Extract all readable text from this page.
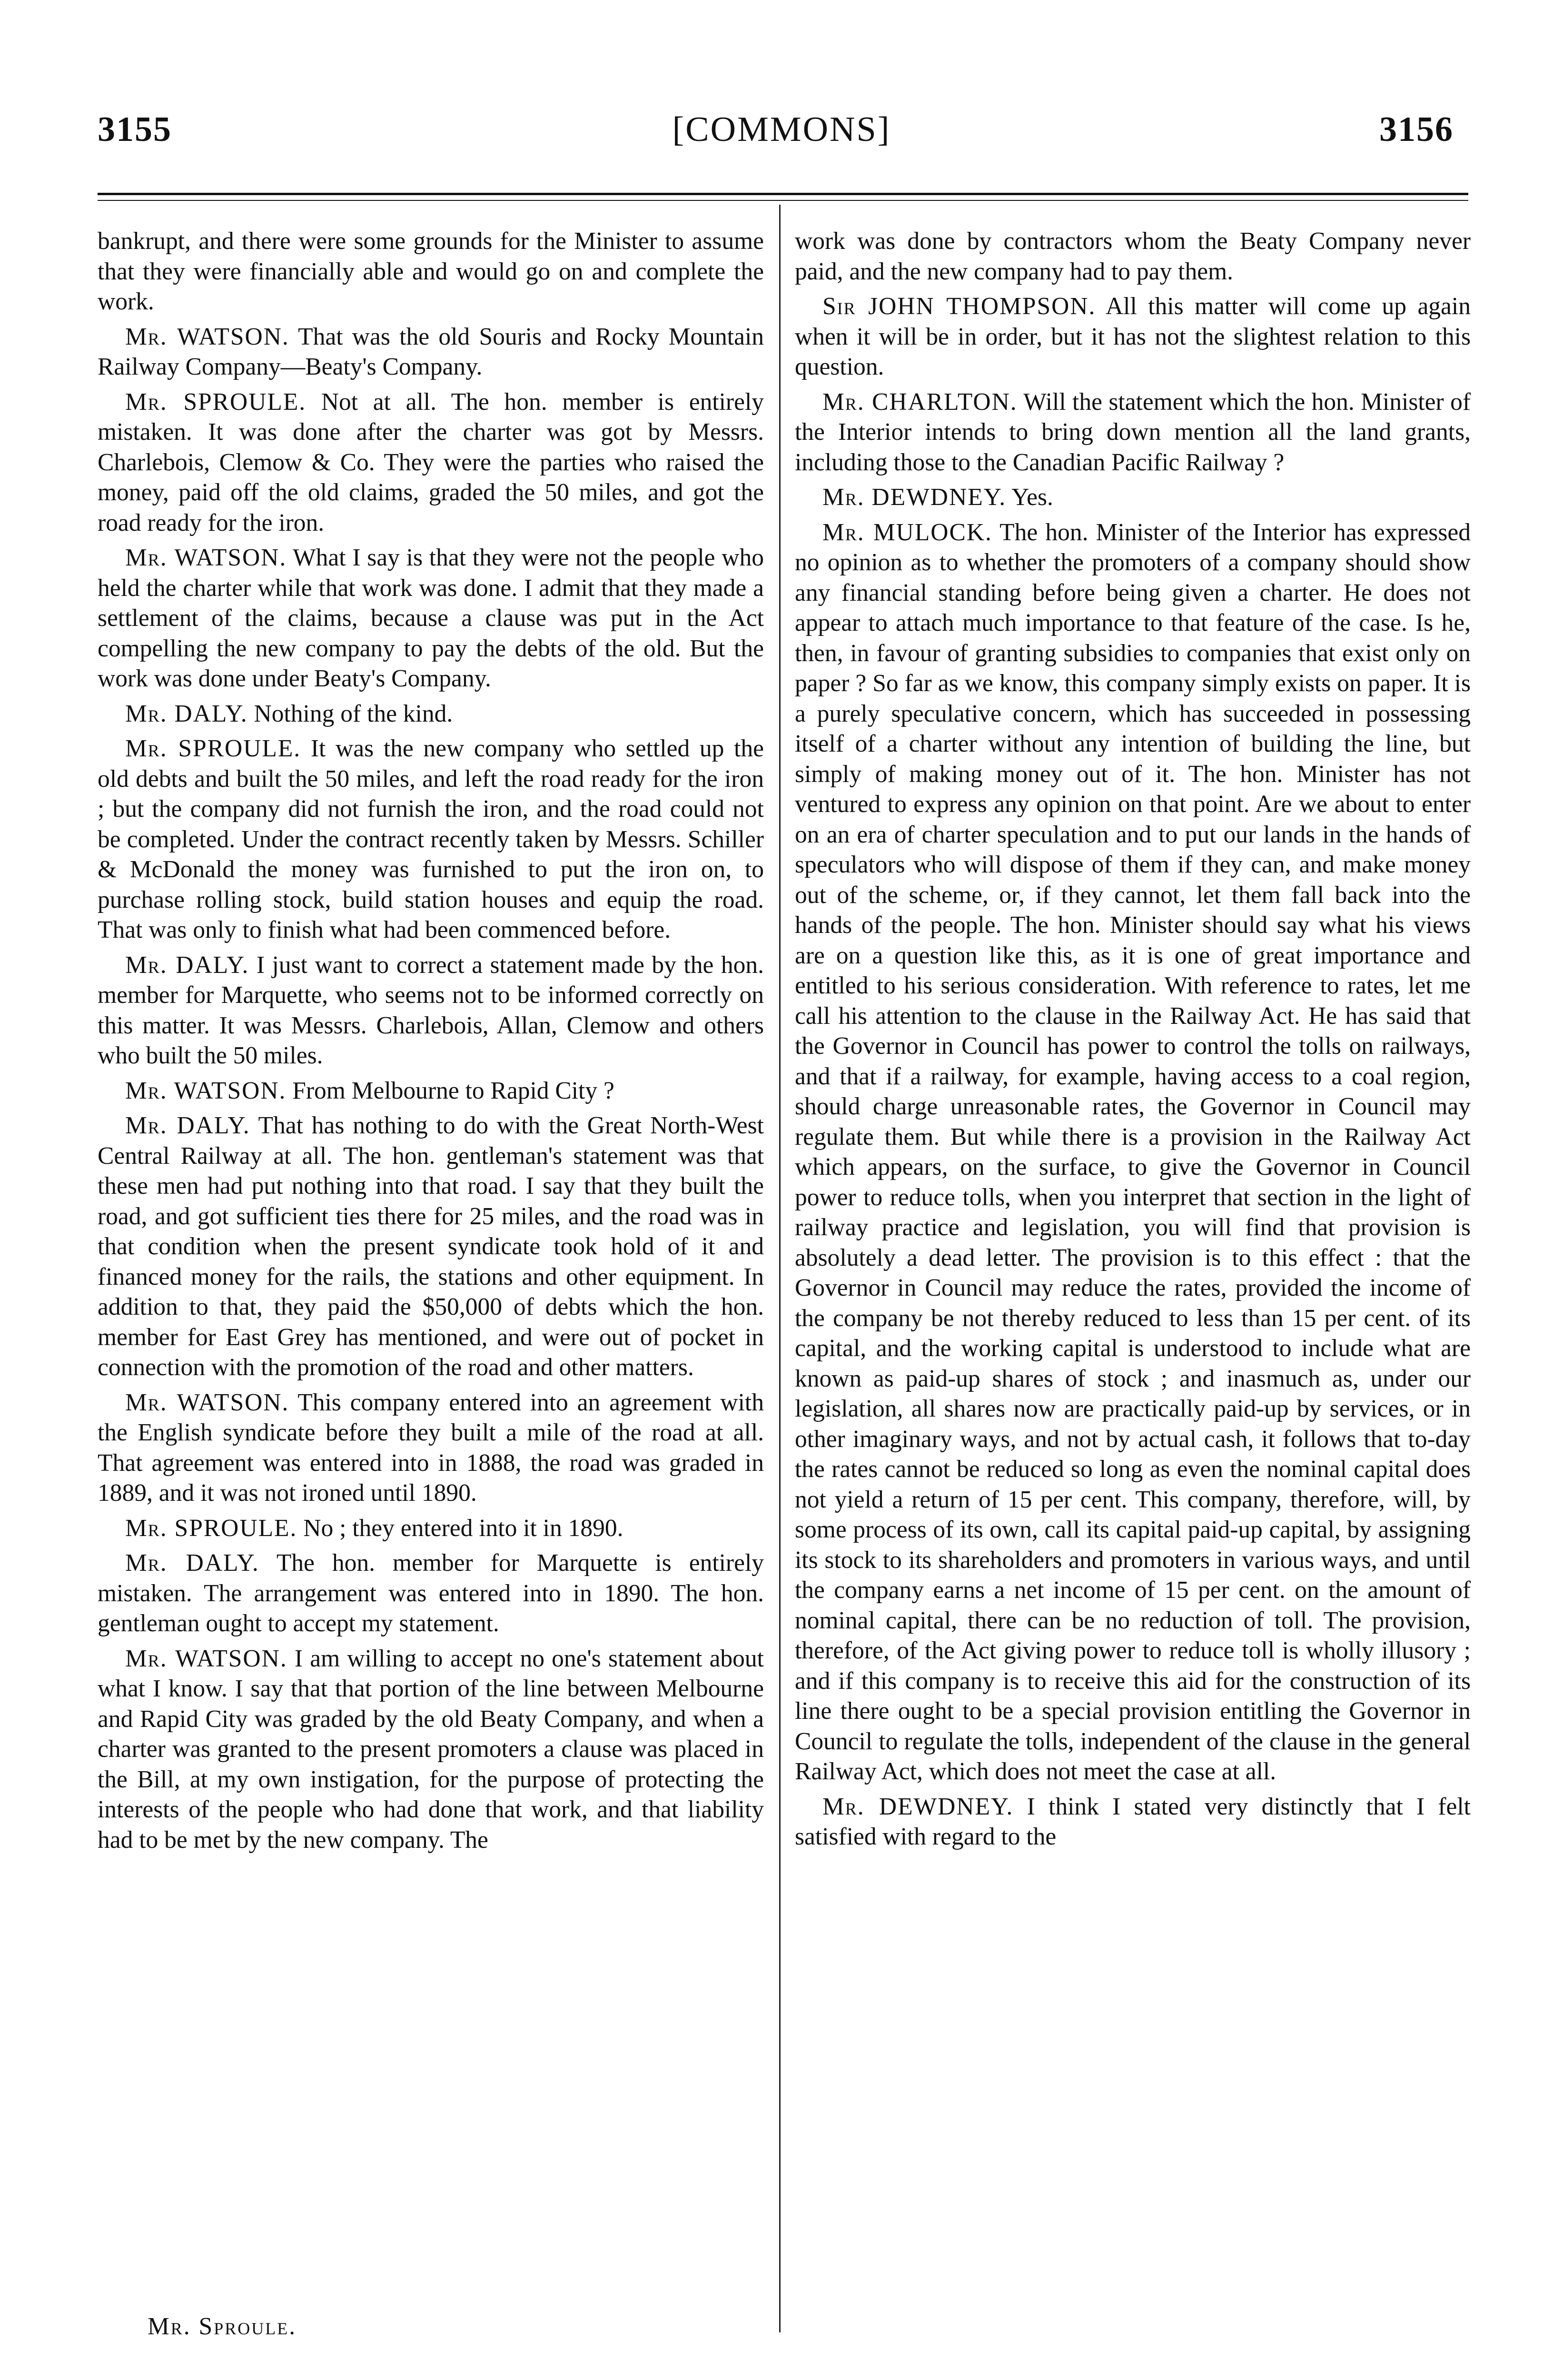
3155	[COMMONS]	3156

bankrupt, and there were some grounds for the Minister to assume that they were financially able and would go on and complete the work.

Mr. WATSON. That was the old Souris and Rocky Mountain Railway Company—Beaty's Company.

Mr. SPROULE. Not at all. The hon. member is entirely mistaken. It was done after the charter was got by Messrs. Charlebois, Clemow & Co. They were the parties who raised the money, paid off the old claims, graded the 50 miles, and got the road ready for the iron.

Mr. WATSON. What I say is that they were not the people who held the charter while that work was done. I admit that they made a settlement of the claims, because a clause was put in the Act compelling the new company to pay the debts of the old. But the work was done under Beaty's Company.

Mr. DALY. Nothing of the kind.

Mr. SPROULE. It was the new company who settled up the old debts and built the 50 miles, and left the road ready for the iron ; but the company did not furnish the iron, and the road could not be completed. Under the contract recently taken by Messrs. Schiller & McDonald the money was furnished to put the iron on, to purchase rolling stock, build station houses and equip the road. That was only to finish what had been commenced before.

Mr. DALY. I just want to correct a statement made by the hon. member for Marquette, who seems not to be informed correctly on this matter. It was Messrs. Charlebois, Allan, Clemow and others who built the 50 miles.

Mr. WATSON. From Melbourne to Rapid City ?

Mr. DALY. That has nothing to do with the Great North-West Central Railway at all. The hon. gentleman's statement was that these men had put nothing into that road. I say that they built the road, and got sufficient ties there for 25 miles, and the road was in that condition when the present syndicate took hold of it and financed money for the rails, the stations and other equipment. In addition to that, they paid the $50,000 of debts which the hon. member for East Grey has mentioned, and were out of pocket in connection with the promotion of the road and other matters.

Mr. WATSON. This company entered into an agreement with the English syndicate before they built a mile of the road at all. That agreement was entered into in 1888, the road was graded in 1889, and it was not ironed until 1890.

Mr. SPROULE. No ; they entered into it in 1890.

Mr. DALY. The hon. member for Marquette is entirely mistaken. The arrangement was entered into in 1890. The hon. gentleman ought to accept my statement.

Mr. WATSON. I am willing to accept no one's statement about what I know. I say that that portion of the line between Melbourne and Rapid City was graded by the old Beaty Company, and when a charter was granted to the present promoters a clause was placed in the Bill, at my own instigation, for the purpose of protecting the interests of the people who had done that work, and that liability had to be met by the new company. The

work was done by contractors whom the Beaty Company never paid, and the new company had to pay them.

Sir JOHN THOMPSON. All this matter will come up again when it will be in order, but it has not the slightest relation to this question.

Mr. CHARLTON. Will the statement which the hon. Minister of the Interior intends to bring down mention all the land grants, including those to the Canadian Pacific Railway ?

Mr. DEWDNEY. Yes.

Mr. MULOCK. The hon. Minister of the Interior has expressed no opinion as to whether the promoters of a company should show any financial standing before being given a charter. He does not appear to attach much importance to that feature of the case. Is he, then, in favour of granting subsidies to companies that exist only on paper ? So far as we know, this company simply exists on paper. It is a purely speculative concern, which has succeeded in possessing itself of a charter without any intention of building the line, but simply of making money out of it. The hon. Minister has not ventured to express any opinion on that point. Are we about to enter on an era of charter speculation and to put our lands in the hands of speculators who will dispose of them if they can, and make money out of the scheme, or, if they cannot, let them fall back into the hands of the people. The hon. Minister should say what his views are on a question like this, as it is one of great importance and entitled to his serious consideration. With reference to rates, let me call his attention to the clause in the Railway Act. He has said that the Governor in Council has power to control the tolls on railways, and that if a railway, for example, having access to a coal region, should charge unreasonable rates, the Governor in Council may regulate them. But while there is a provision in the Railway Act which appears, on the surface, to give the Governor in Council power to reduce tolls, when you interpret that section in the light of railway practice and legislation, you will find that provision is absolutely a dead letter. The provision is to this effect : that the Governor in Council may reduce the rates, provided the income of the company be not thereby reduced to less than 15 per cent. of its capital, and the working capital is understood to include what are known as paid-up shares of stock ; and inasmuch as, under our legislation, all shares now are practically paid-up by services, or in other imaginary ways, and not by actual cash, it follows that to-day the rates cannot be reduced so long as even the nominal capital does not yield a return of 15 per cent. This company, therefore, will, by some process of its own, call its capital paid-up capital, by assigning its stock to its shareholders and promoters in various ways, and until the company earns a net income of 15 per cent. on the amount of nominal capital, there can be no reduction of toll. The provision, therefore, of the Act giving power to reduce toll is wholly illusory ; and if this company is to receive this aid for the construction of its line there ought to be a special provision entitling the Governor in Council to regulate the tolls, independent of the clause in the general Railway Act, which does not meet the case at all.

Mr. DEWDNEY. I think I stated very distinctly that I felt satisfied with regard to the

Mr. Sproule.
